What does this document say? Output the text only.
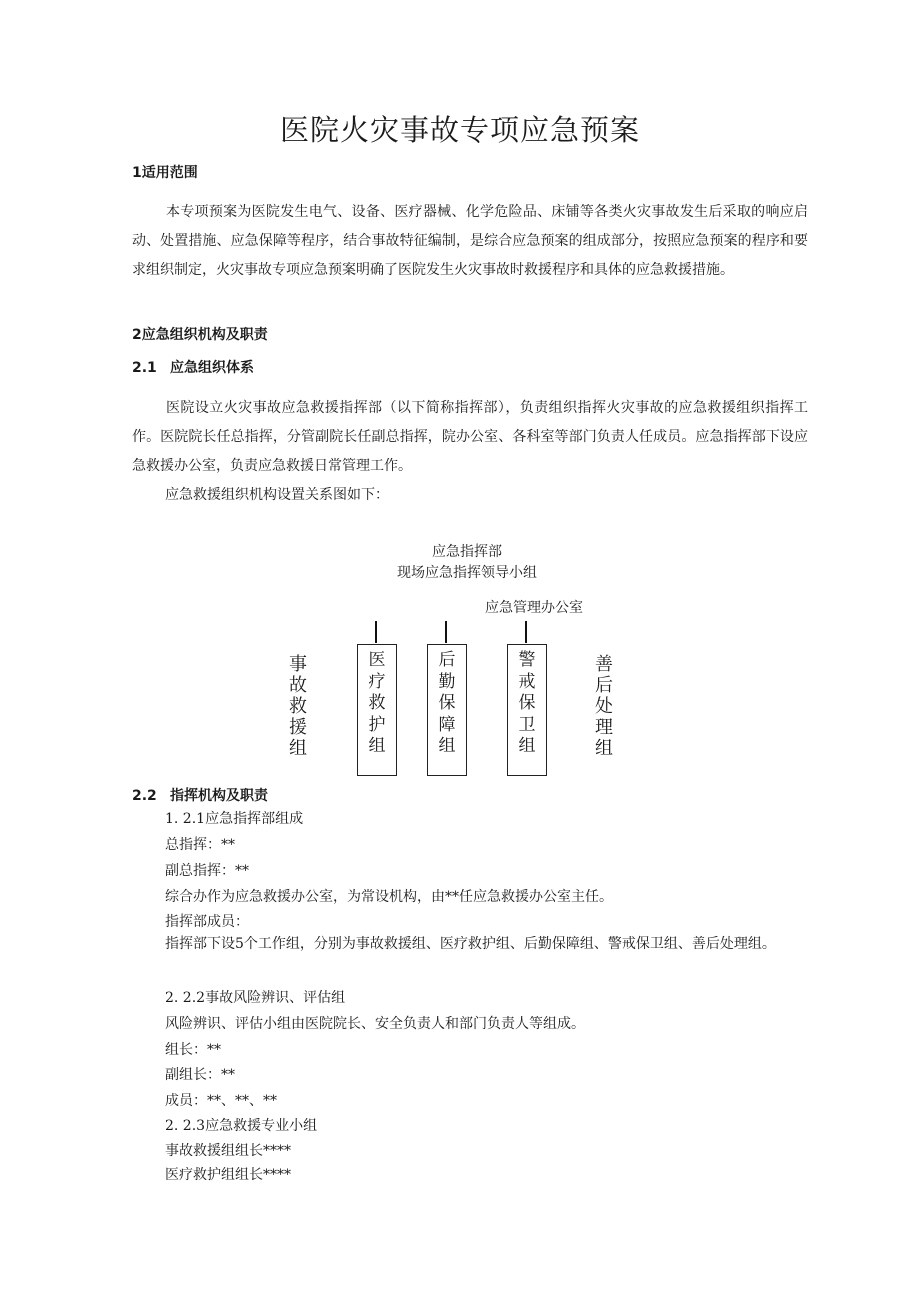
医院火灾事故专项应急预案
1适用范围
本专项预案为医院发生电气、设备、医疗器械、化学危险品、床铺等各类火灾事故发生后采取的响应启动、处置措施、应急保障等程序，结合事故特征编制，是综合应急预案的组成部分，按照应急预案的程序和要求组织制定，火灾事故专项应急预案明确了医院发生火灾事故时救援程序和具体的应急救援措施。
2应急组织机构及职责
2.1 应急组织体系
医院设立火灾事故应急救援指挥部（以下简称指挥部），负责组织指挥火灾事故的应急救援组织指挥工作。医院院长任总指挥，分管副院长任副总指挥，院办公室、各科室等部门负责人任成员。应急指挥部下设应急救援办公室，负责应急救援日常管理工作。
应急救援组织机构设置关系图如下：
应急指挥部
现场应急指挥领导小组
应急管理办公室
事故救援组
医疗救护组
后勤保障组
警戒保卫组
善后处理组
2.2 指挥机构及职责
1. 2.1应急指挥部组成
总指挥：**
副总指挥：**
综合办作为应急救援办公室，为常设机构，由**任应急救援办公室主任。
指挥部成员：
指挥部下设5个工作组，分别为事故救援组、医疗救护组、后勤保障组、警戒保卫组、善后处理组。
2. 2.2事故风险辨识、评估组
风险辨识、评估小组由医院院长、安全负责人和部门负责人等组成。
组长：**
副组长：**
成员：**、**、**
2. 2.3应急救援专业小组
事故救援组组长****
医疗救护组组长****
